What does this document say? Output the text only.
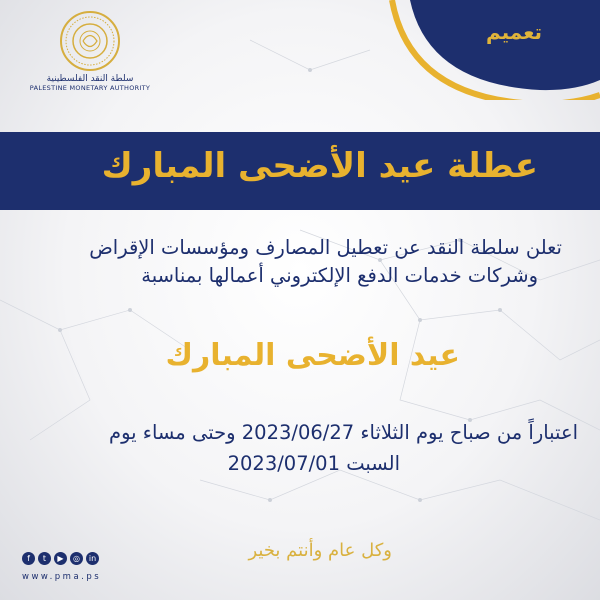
سلطة النقد الفلسطينية
PALESTINE MONETARY AUTHORITY
تعميم
عطلة عيد الأضحى المبارك
تعلن سلطة النقد عن تعطيل المصارف ومؤسسات الإقراض
وشركات خدمات الدفع الإلكتروني أعمالها بمناسبة
عيد الأضحى المبارك
اعتباراً من صباح يوم الثلاثاء 2023/06/27 وحتى مساء يوم
السبت 2023/07/01
وكل عام وأنتم بخير
f	t	▶	◎	in
www.pma.ps
